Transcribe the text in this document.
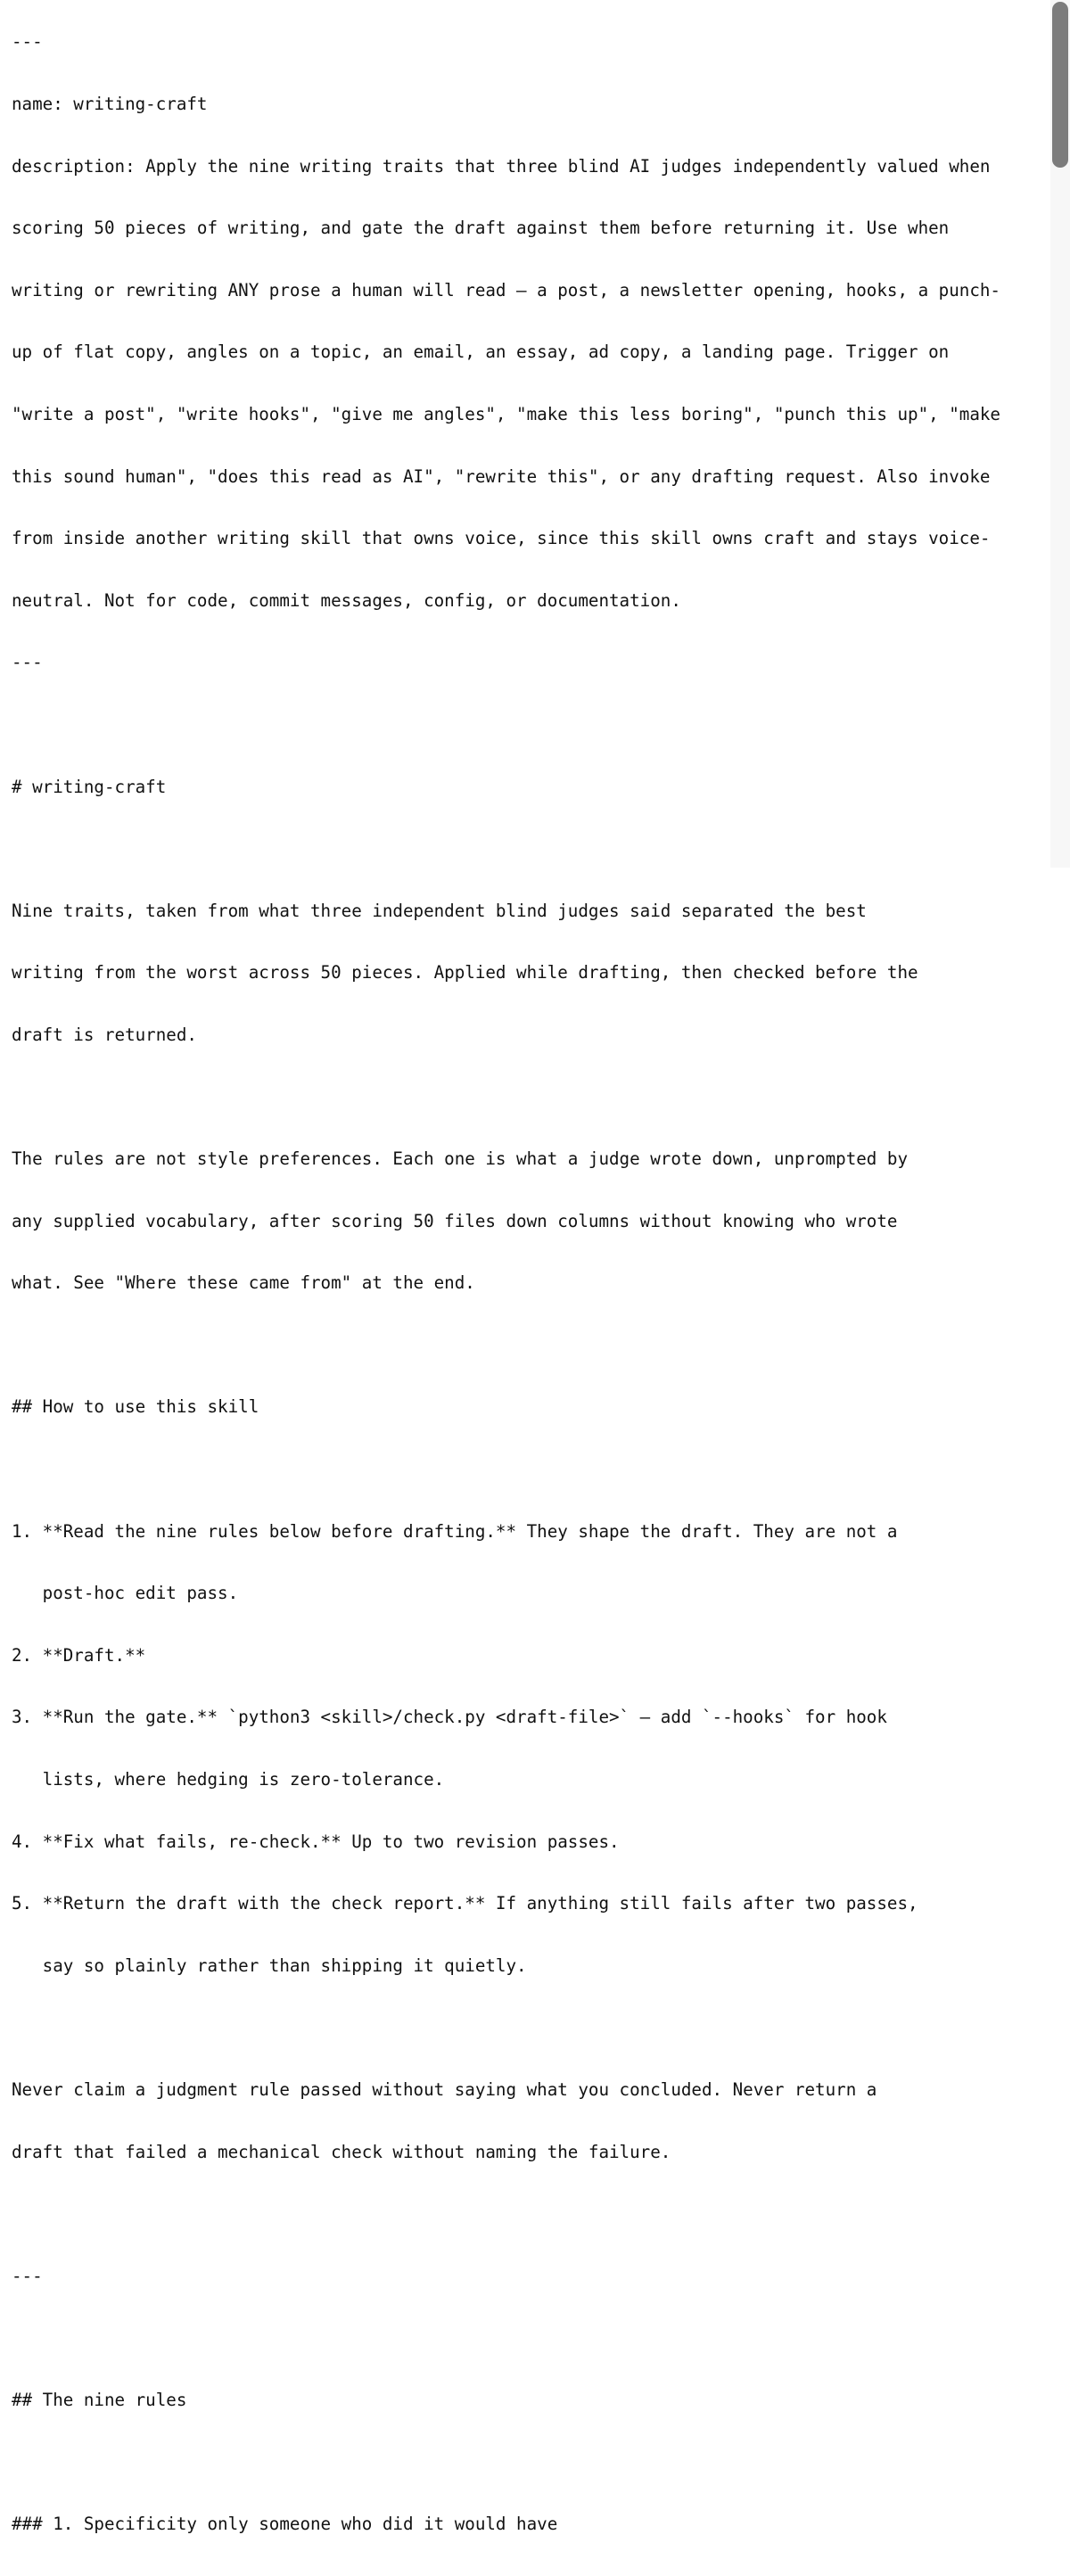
---

name: writing-craft

description: Apply the nine writing traits that three blind AI judges independently valued when

scoring 50 pieces of writing, and gate the draft against them before returning it. Use when

writing or rewriting ANY prose a human will read — a post, a newsletter opening, hooks, a punch-

up of flat copy, angles on a topic, an email, an essay, ad copy, a landing page. Trigger on

"write a post", "write hooks", "give me angles", "make this less boring", "punch this up", "make

this sound human", "does this read as AI", "rewrite this", or any drafting request. Also invoke

from inside another writing skill that owns voice, since this skill owns craft and stays voice-

neutral. Not for code, commit messages, config, or documentation.

---

# writing-craft

Nine traits, taken from what three independent blind judges said separated the best

writing from the worst across 50 pieces. Applied while drafting, then checked before the

draft is returned.

The rules are not style preferences. Each one is what a judge wrote down, unprompted by

any supplied vocabulary, after scoring 50 files down columns without knowing who wrote

what. See "Where these came from" at the end.

## How to use this skill

1. **Read the nine rules below before drafting.** They shape the draft. They are not a

post-hoc edit pass.

2. **Draft.**

3. **Run the gate.** `python3 <skill>/check.py <draft-file>` — add `--hooks` for hook

lists, where hedging is zero-tolerance.

4. **Fix what fails, re-check.** Up to two revision passes.

5. **Return the draft with the check report.** If anything still fails after two passes,

say so plainly rather than shipping it quietly.

Never claim a judgment rule passed without saying what you concluded. Never return a

draft that failed a mechanical check without naming the failure.

---

## The nine rules

### 1. Specificity only someone who did it would have
